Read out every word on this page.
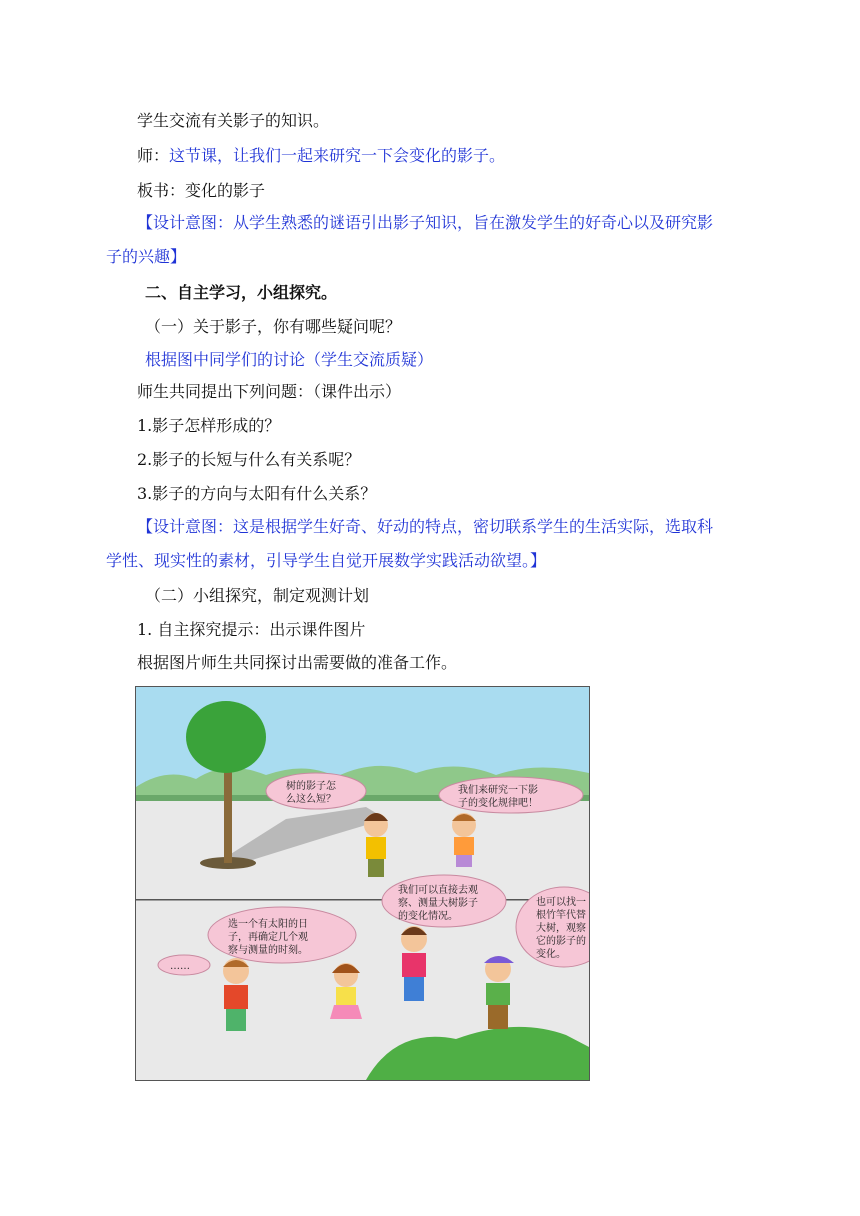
学生交流有关影子的知识。
师：这节课，让我们一起来研究一下会变化的影子。
板书：变化的影子
【设计意图：从学生熟悉的谜语引出影子知识，旨在激发学生的好奇心以及研究影
子的兴趣】
二、自主学习，小组探究。
（一）关于影子，你有哪些疑问呢？
根据图中同学们的讨论（学生交流质疑）
师生共同提出下列问题：（课件出示）
1.影子怎样形成的？
2.影子的长短与什么有关系呢？
3.影子的方向与太阳有什么关系？
【设计意图：这是根据学生好奇、好动的特点，密切联系学生的生活实际，选取科
学性、现实性的素材，引导学生自觉开展数学实践活动欲望。】
（二）小组探究，制定观测计划
1. 自主探究提示：出示课件图片
根据图片师生共同探讨出需要做的准备工作。
树的影子怎
么这么短？
我们来研究一下影
子的变化规律吧！
我们可以直接去观
察、测量大树影子
的变化情况。
选一个有太阳的日
子，再确定几个观
察与测量的时刻。
也可以找一
根竹竿代替
大树，观察
它的影子的
变化。
……
